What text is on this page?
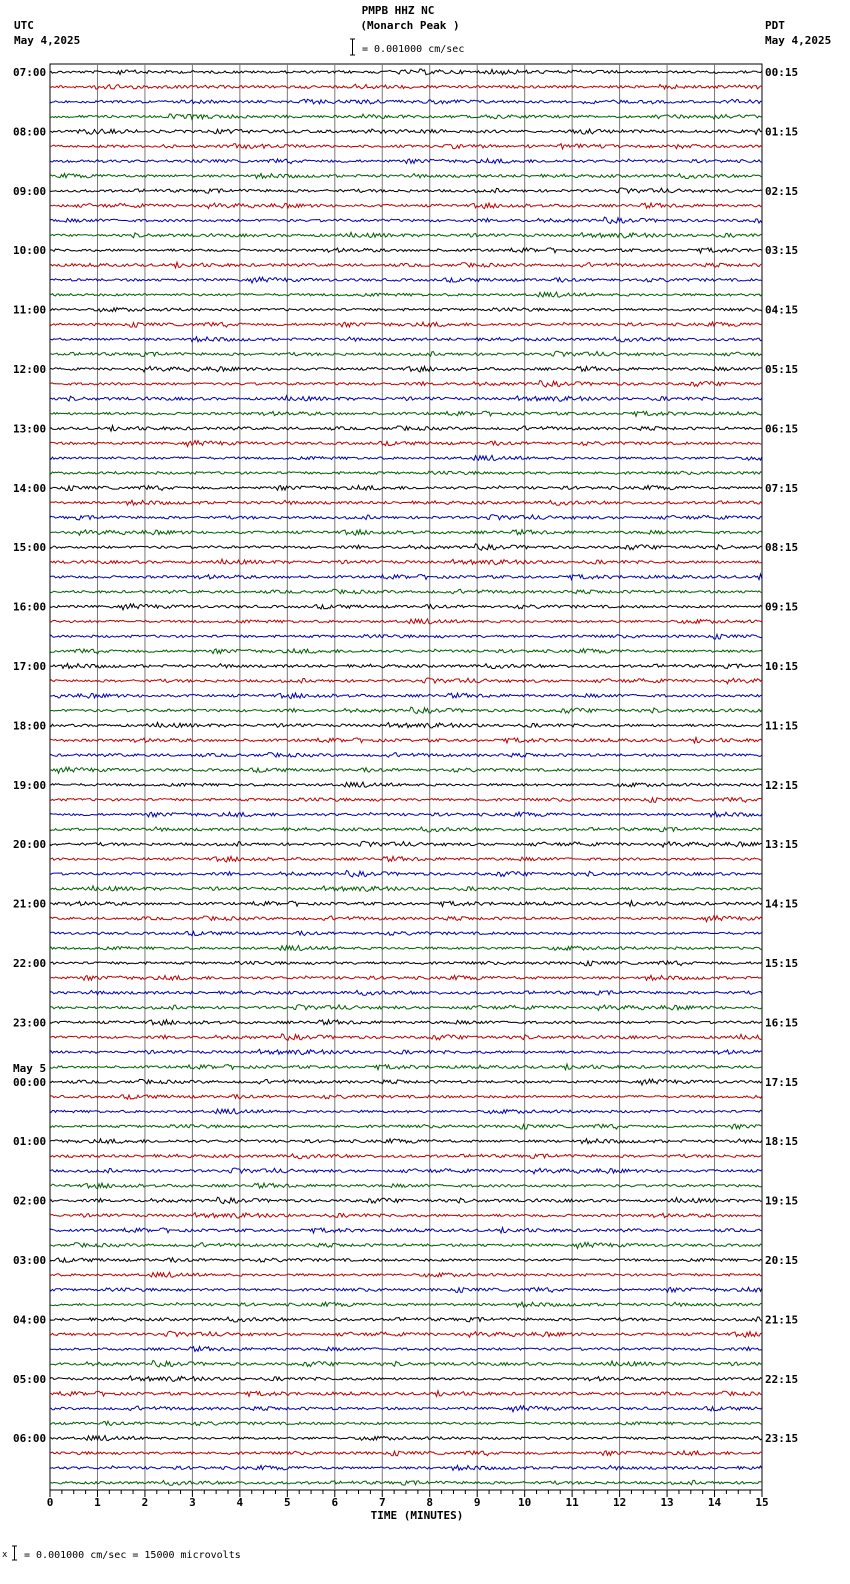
PMPB HHZ NC
(Monarch Peak )
UTC
May 4,2025
PDT
May 4,2025
= 0.001000 cm/sec
07:00	00:15
08:00	01:15
09:00	02:15
10:00	03:15
11:00	04:15
12:00	05:15
13:00	06:15
14:00	07:15
15:00	08:15
16:00	09:15
17:00	10:15
18:00	11:15
19:00	12:15
20:00	13:15
21:00	14:15
22:00	15:15
23:00	16:15
00:00	17:15
01:00	18:15
02:00	19:15
03:00	20:15
04:00	21:15
05:00	22:15
06:00	23:15
May 5
0	1	2	3	4	5	6	7	8	9	10	11	12	13	14	15
TIME (MINUTES)
x = 0.001000 cm/sec = 15000 microvolts
